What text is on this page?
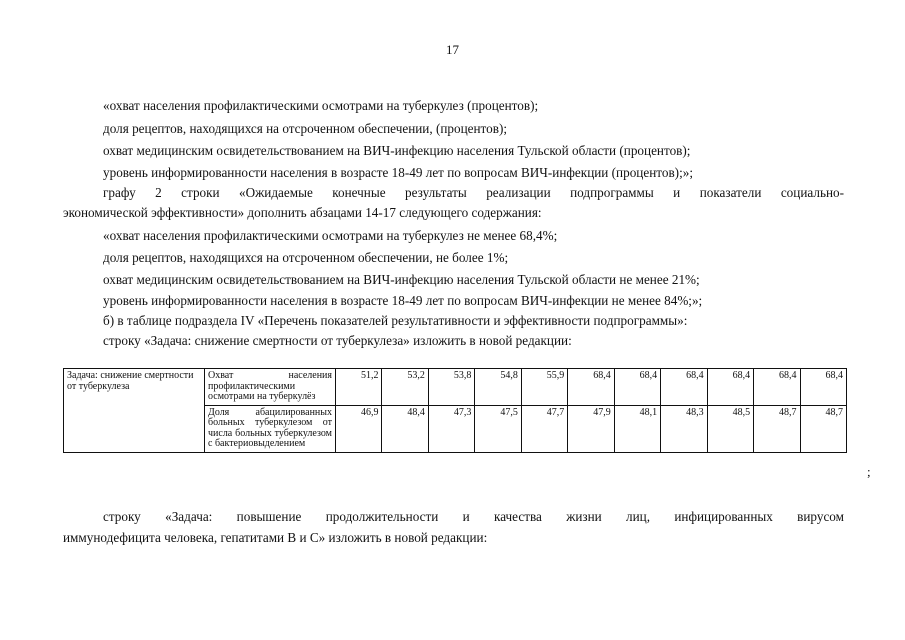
17
«охват населения профилактическими осмотрами на туберкулез (процентов);
доля рецептов, находящихся на отсроченном обеспечении, (процентов);
охват медицинским освидетельствованием на ВИЧ-инфекцию населения Тульской области (процентов);
уровень информированности населения в возрасте 18-49 лет по вопросам ВИЧ-инфекции (процентов);»;
графу 2 строки «Ожидаемые конечные результаты реализации подпрограммы и показатели социально-
экономической эффективности» дополнить абзацами 14-17 следующего содержания:
«охват населения профилактическими осмотрами на туберкулез не менее 68,4%;
доля рецептов, находящихся на отсроченном обеспечении, не более 1%;
охват медицинским освидетельствованием на ВИЧ-инфекцию населения Тульской области не менее 21%;
уровень информированности населения в возрасте 18-49 лет по вопросам ВИЧ-инфекции не менее 84%;»;
б) в таблице подраздела IV «Перечень показателей результативности и эффективности подпрограммы»:
строку «Задача: снижение смертности от туберкулеза» изложить в новой редакции:
Задача: снижение смертности от туберкулеза	Охват населения профилактическими осмотрами на туберкулёз	51,2	53,2	53,8	54,8	55,9	68,4	68,4	68,4	68,4	68,4	68,4
	Доля абацилированных больных туберкулезом от числа больных туберкулезом с бактериовыделением	46,9	48,4	47,3	47,5	47,7	47,9	48,1	48,3	48,5	48,7	48,7
;
строку «Задача: повышение продолжительности и качества жизни лиц, инфицированных вирусом
иммунодефицита человека, гепатитами В и С» изложить в новой редакции:
